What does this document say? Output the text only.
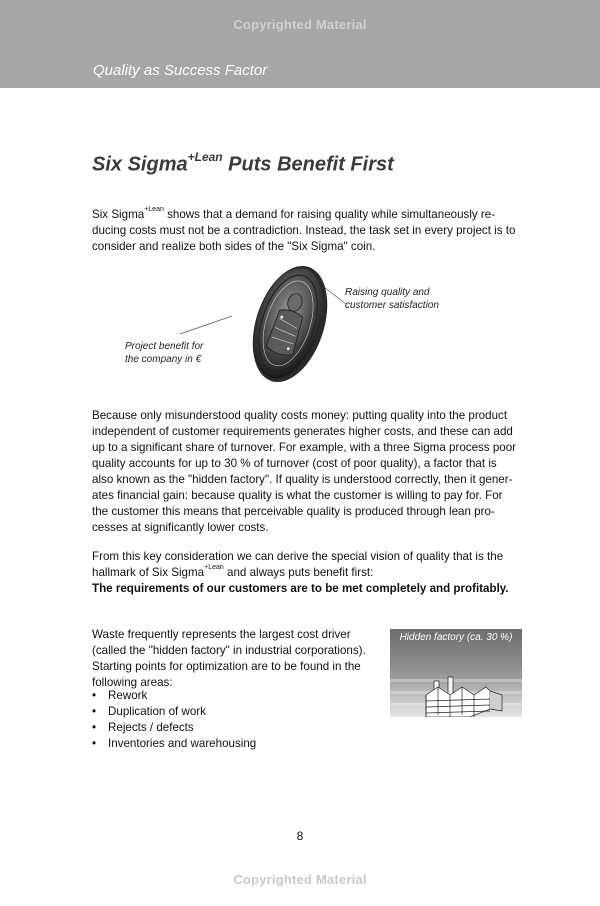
Copyrighted Material
Quality as Success Factor
Six Sigma$^{+Lean}$ Puts Benefit First

Six Sigma$^{+Lean}$ shows that a demand for raising quality while simultaneously re-ducing costs must not be a contradiction. Instead, the task set in every project is to consider and realize both sides of the "Six Sigma" coin.

Raising quality and customer satisfaction
Project benefit for the company in €

Because only misunderstood quality costs money: putting quality into the product independent of customer requirements generates higher costs, and these can add up to a significant share of turnover. For example, with a three Sigma process poor quality accounts for up to 30 % of turnover (cost of poor quality), a factor that is also known as the "hidden factory". If quality is understood correctly, then it gener-ates financial gain: because quality is what the customer is willing to pay for. For the customer this means that perceivable quality is produced through lean pro-cesses at significantly lower costs.

From this key consideration we can derive the special vision of quality that is the hallmark of Six Sigma$^{+Lean}$ and always puts benefit first:
The requirements of our customers are to be met completely and profitably.

Waste frequently represents the largest cost driver (called the "hidden factory" in industrial corporations). Starting points for optimization are to be found in the following areas:

• Rework
• Duplication of work
• Rejects / defects
• Inventories and warehousing
Hidden factory (ca. 30 %)
8
Copyrighted Material
